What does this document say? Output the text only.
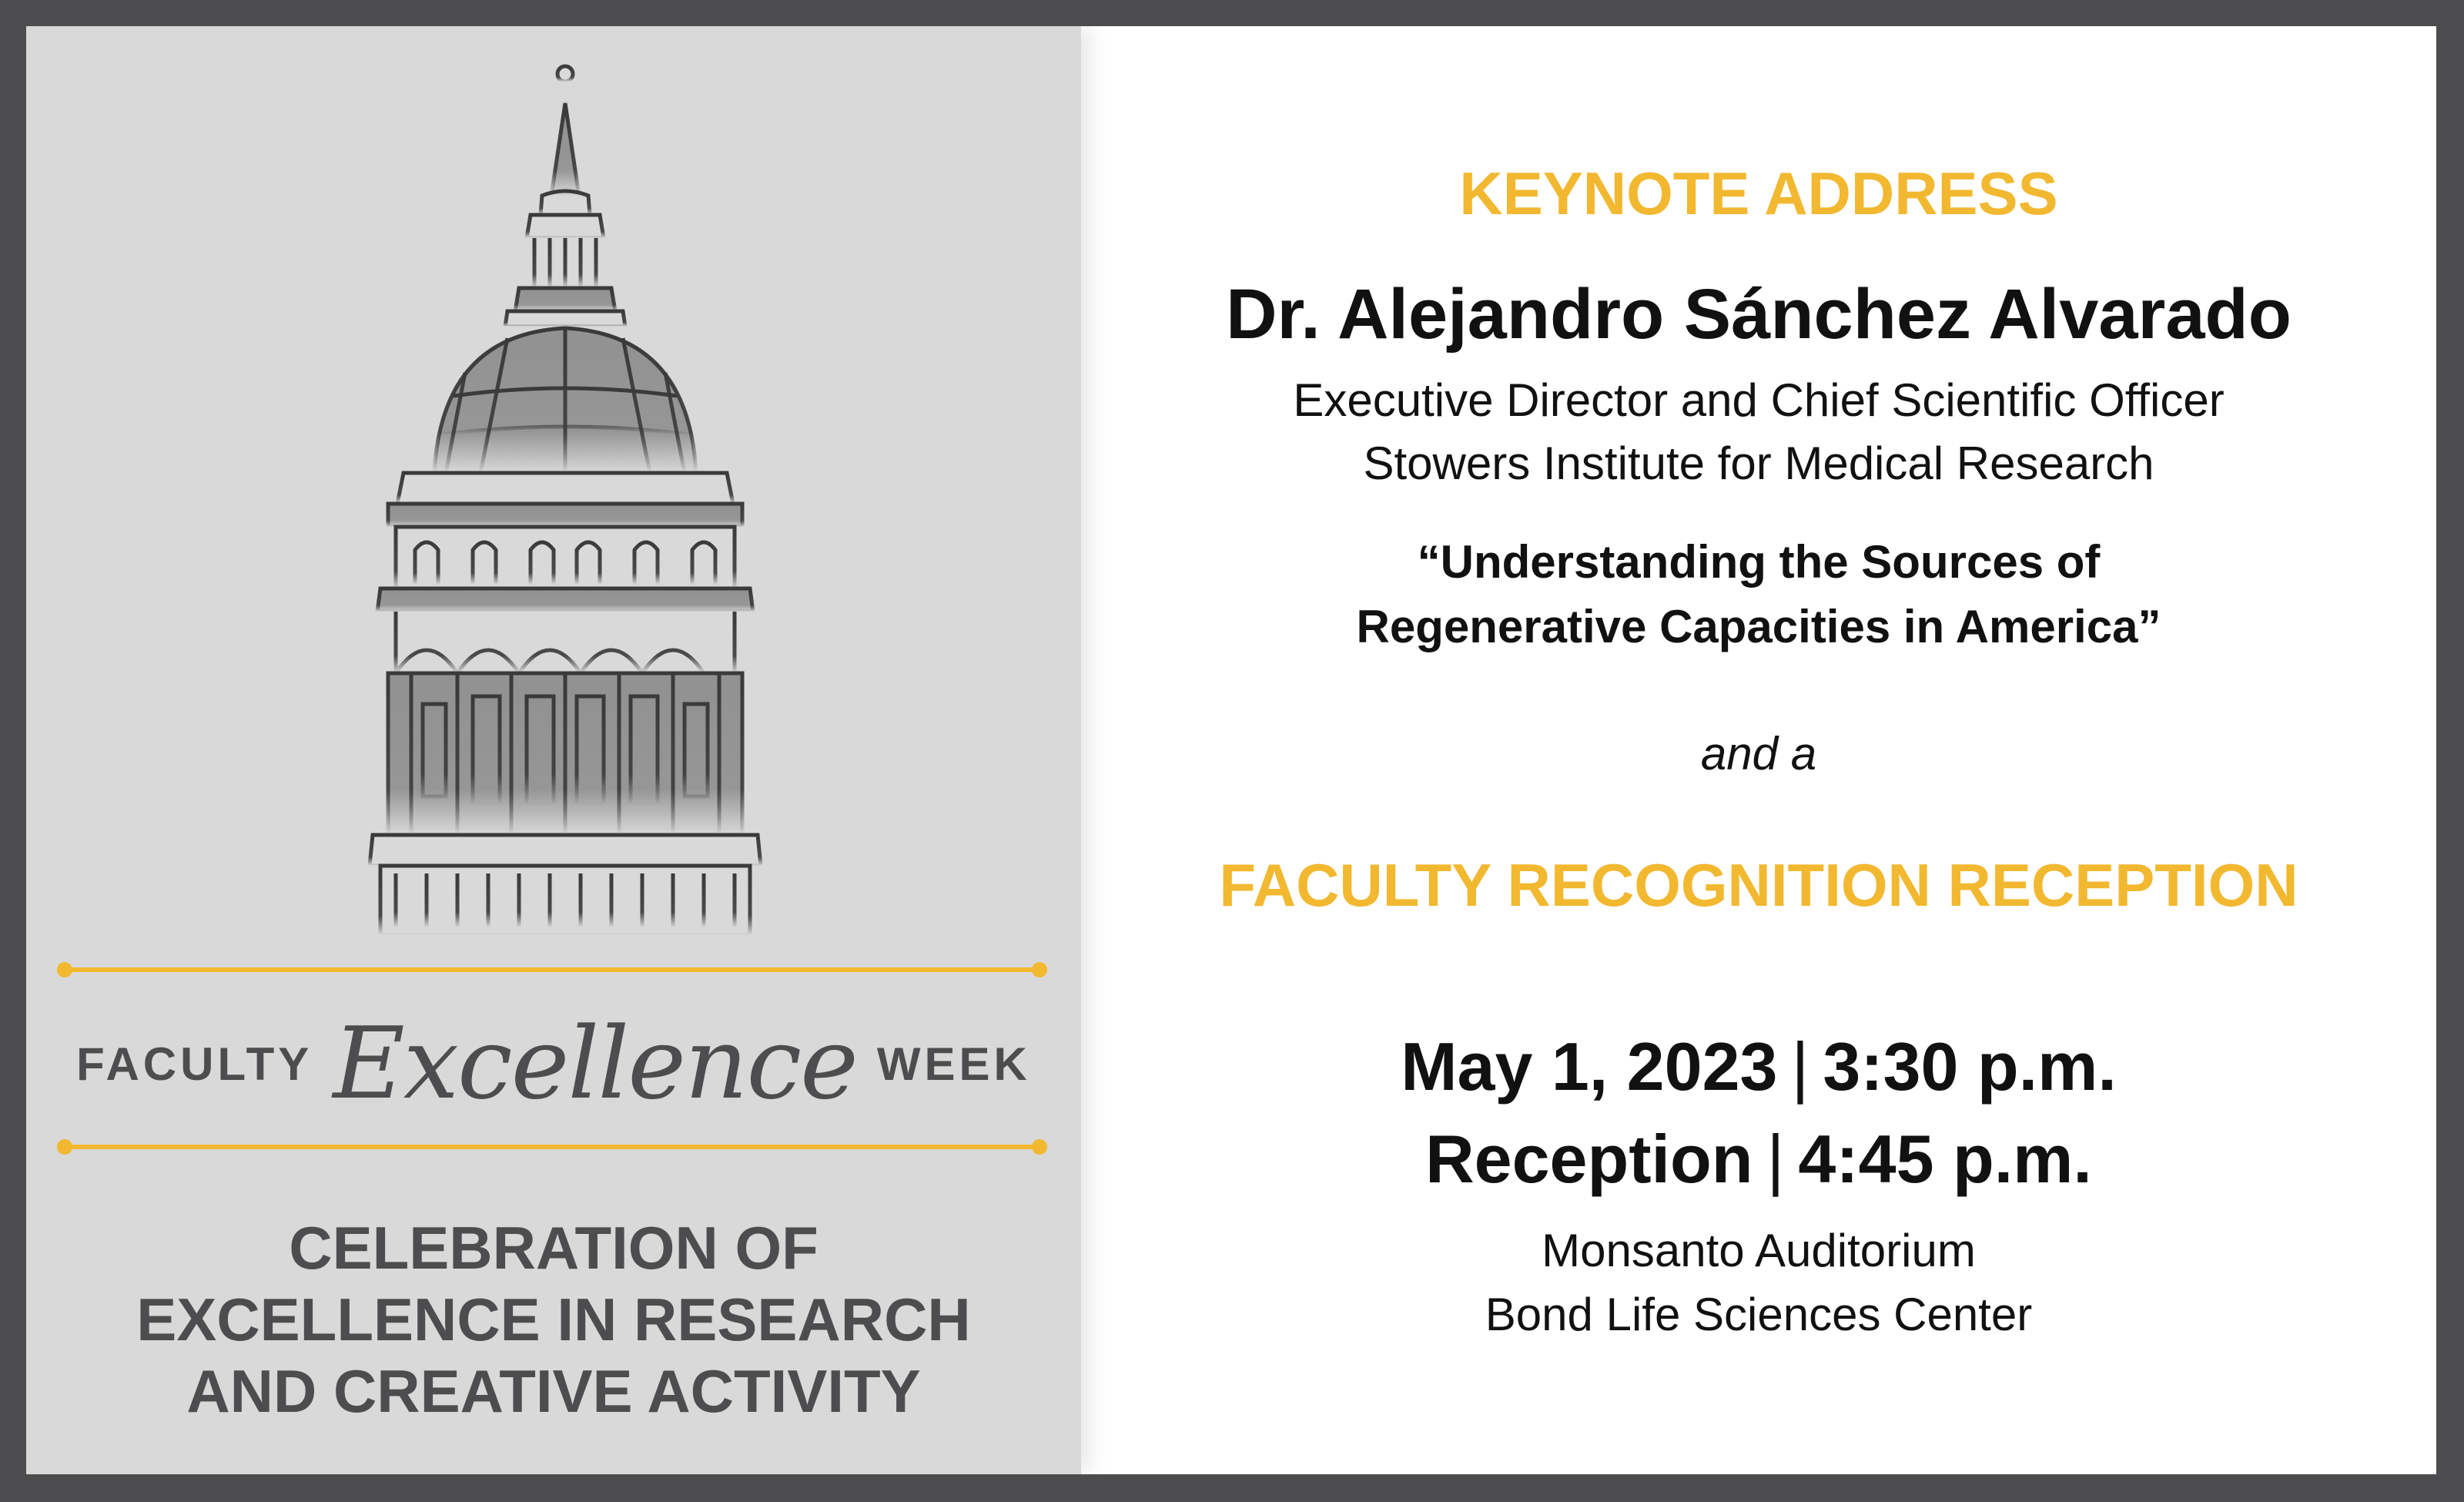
FACULTY Excellence WEEK
CELEBRATION OF
EXCELLENCE IN RESEARCH
AND CREATIVE ACTIVITY
KEYNOTE ADDRESS
Dr. Alejandro Sánchez Alvarado
Executive Director and Chief Scientific Officer
Stowers Institute for Medical Research
“Understanding the Sources of
Regenerative Capacities in America”
and a
FACULTY RECOGNITION RECEPTION
May 1, 2023 | 3:30 p.m.
Reception | 4:45 p.m.
Monsanto Auditorium
Bond Life Sciences Center
